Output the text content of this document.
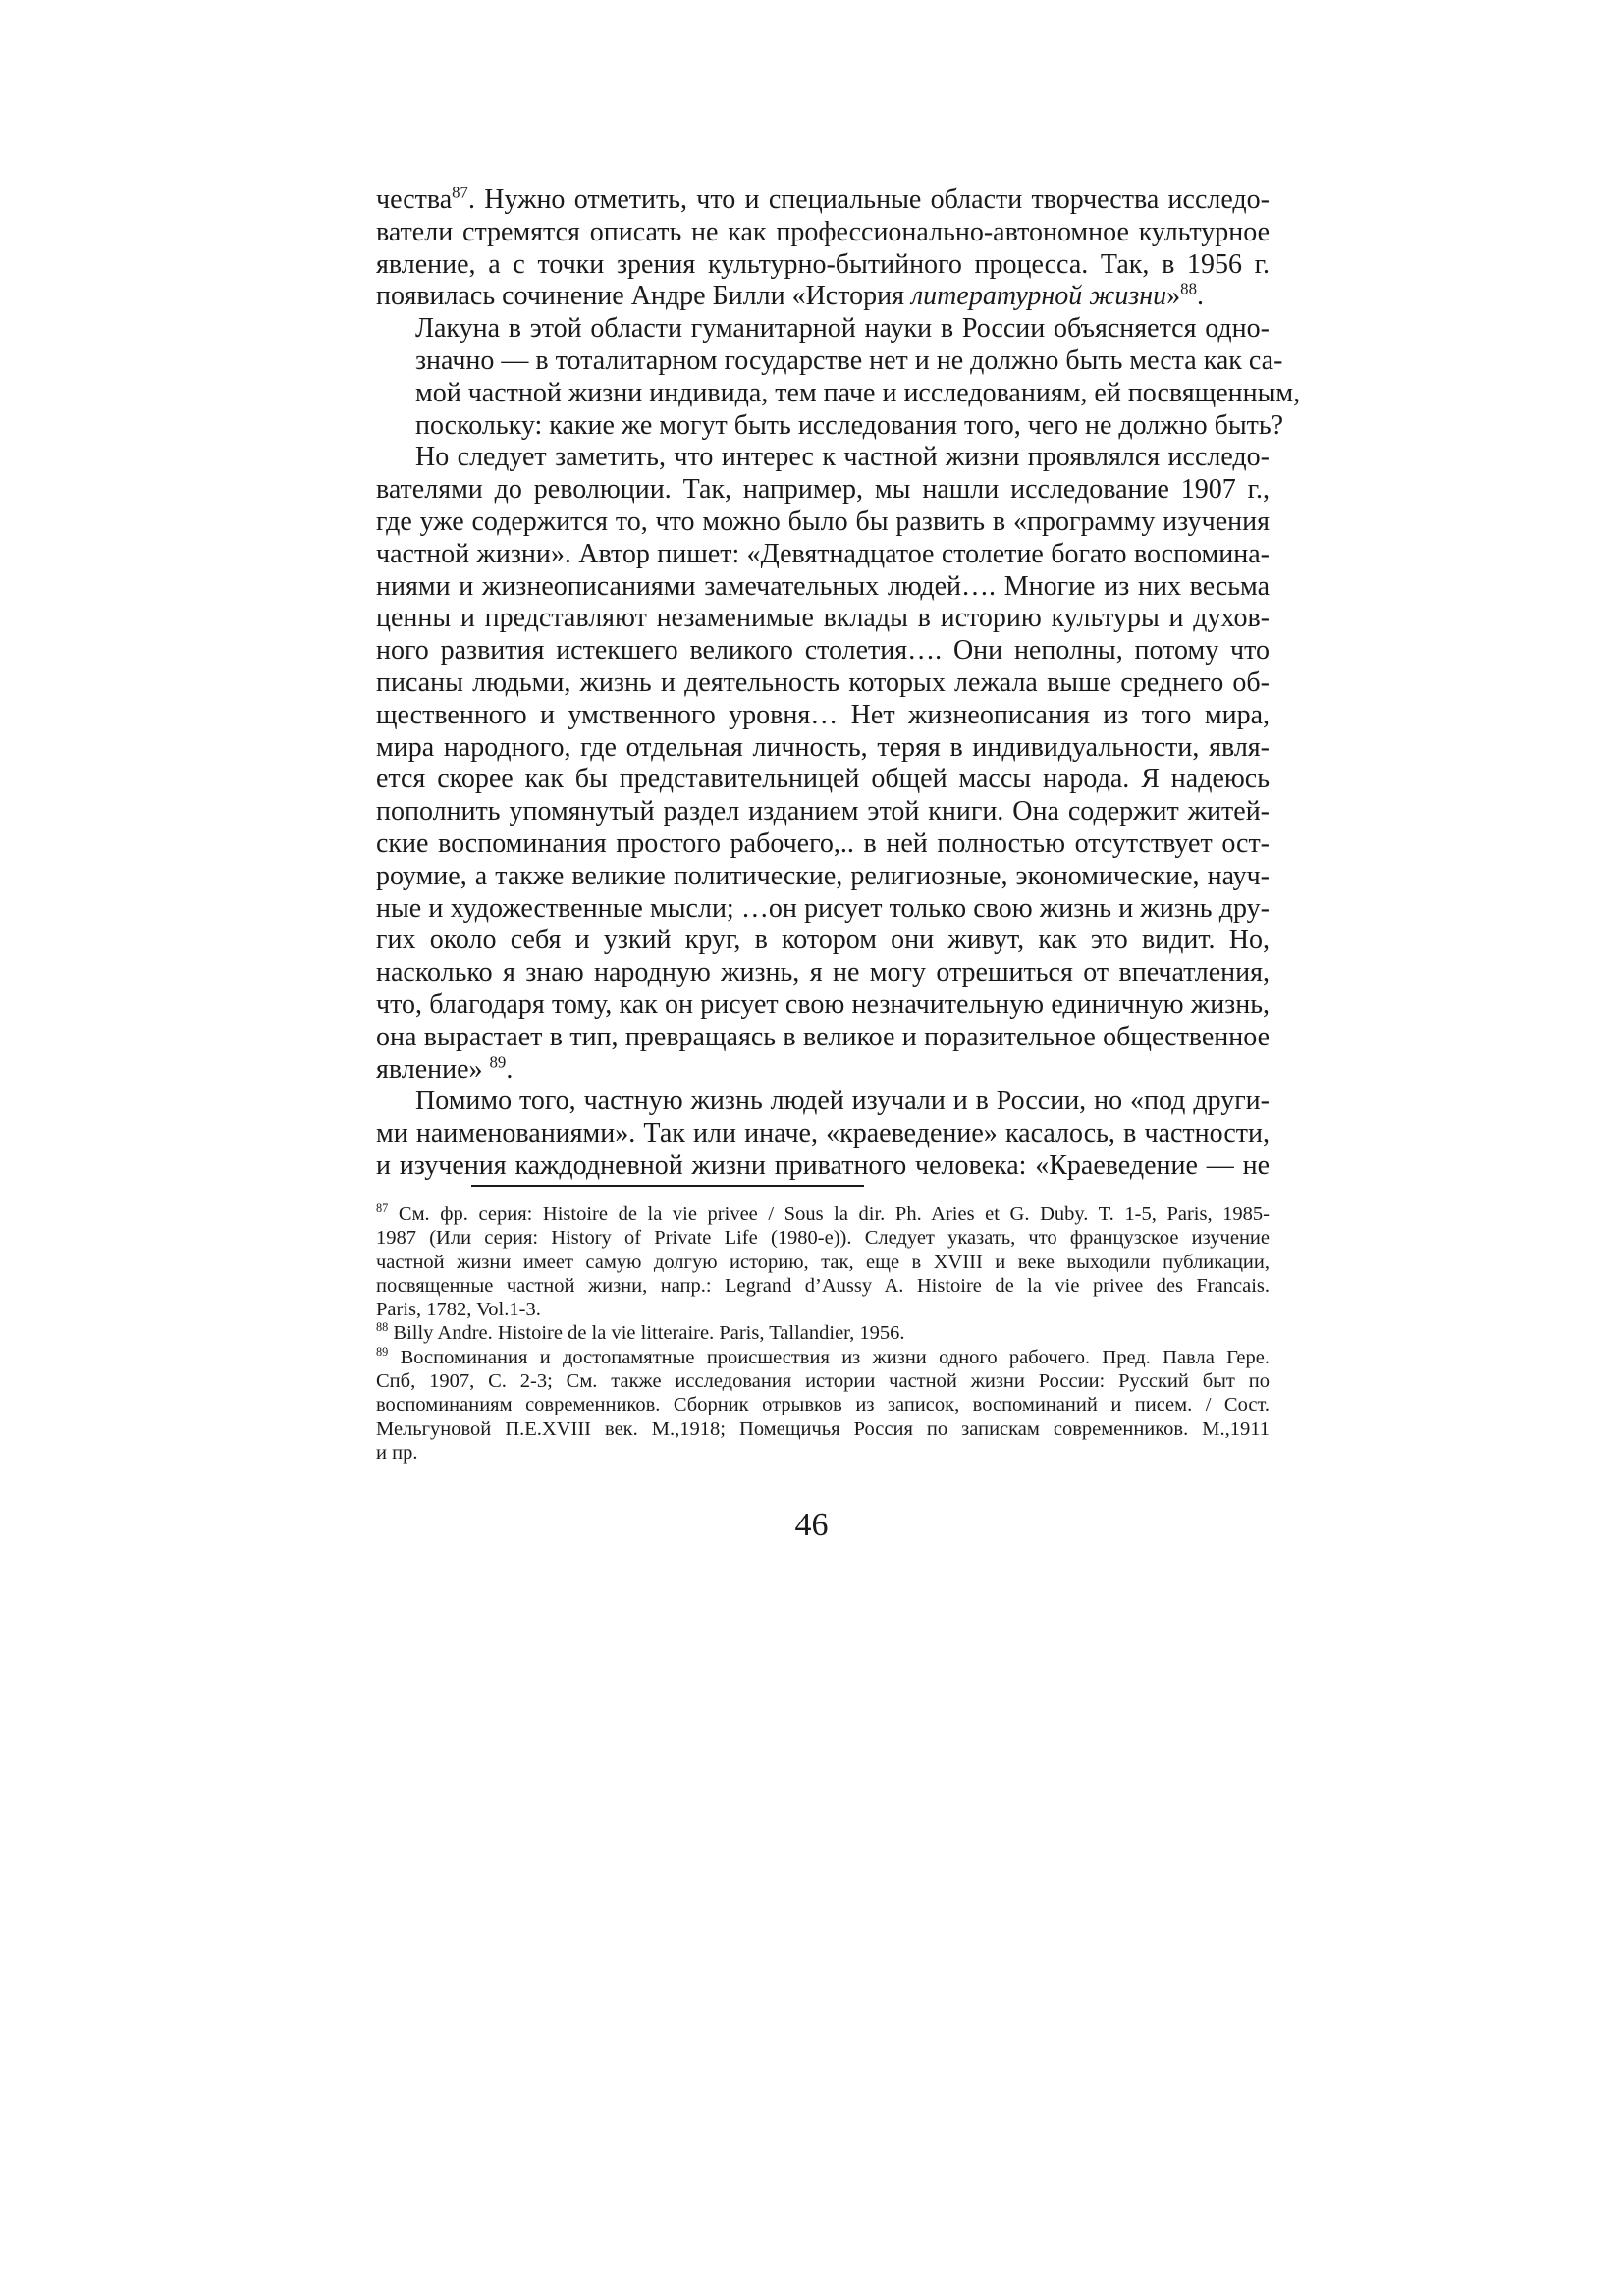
чества$^{87}$. Нужно отметить, что и специальные области творчества исследо-
ватели стремятся описать не как профессионально-автономное культурное
явление, а с точки зрения культурно-бытийного процесса. Так, в 1956 г.
появилась сочинение Андре Билли «История литературной жизни»$^{88}$.

Лакуна в этой области гуманитарной науки в России объясняется одно-
значно — в тоталитарном государстве нет и не должно быть места как са-
мой частной жизни индивида, тем паче и исследованиям, ей посвященным,
поскольку: какие же могут быть исследования того, чего не должно быть?

Но следует заметить, что интерес к частной жизни проявлялся исследо-
вателями до революции. Так, например, мы нашли исследование 1907 г.,
где уже содержится то, что можно было бы развить в «программу изучения
частной жизни». Автор пишет: «Девятнадцатое столетие богато воспомина-
ниями и жизнеописаниями замечательных людей…. Многие из них весьма
ценны и представляют незаменимые вклады в историю культуры и духов-
ного развития истекшего великого столетия…. Они неполны, потому что
писаны людьми, жизнь и деятельность которых лежала выше среднего об-
щественного и умственного уровня… Нет жизнеописания из того мира,
мира народного, где отдельная личность, теряя в индивидуальности, явля-
ется скорее как бы представительницей общей массы народа. Я надеюсь
пополнить упомянутый раздел изданием этой книги. Она содержит житей-
ские воспоминания простого рабочего,.. в ней полностью отсутствует ост-
роумие, а также великие политические, религиозные, экономические, науч-
ные и художественные мысли; …он рисует только свою жизнь и жизнь дру-
гих около себя и узкий круг, в котором они живут, как это видит. Но,
насколько я знаю народную жизнь, я не могу отрешиться от впечатления,
что, благодаря тому, как он рисует свою незначительную единичную жизнь,
она вырастает в тип, превращаясь в великое и поразительное общественное
явление» $^{89}$.

Помимо того, частную жизнь людей изучали и в России, но «под други-
ми наименованиями». Так или иначе, «краеведение» касалось, в частности,
и изучения каждодневной жизни приватного человека: «Краеведение — не

$^{87}$ См. фр. серия: Histoire de la vie privee / Sous la dir. Ph. Aries et G. Duby. T. 1-5, Paris, 1985-
1987 (Или серия: History of Private Life (1980-е)). Следует указать, что французское изучение
частной жизни имеет самую долгую историю, так, еще в XVIII и веке выходили публикации,
посвященные частной жизни, напр.: Legrand d’Aussy A. Histoire de la vie privee des Francais.
Paris, 1782, Vol.1-3.
$^{88}$ Billy Andre. Histoire de la vie litteraire. Paris, Tallandier, 1956.
$^{89}$ Воспоминания и достопамятные происшествия из жизни одного рабочего. Пред. Павла Гере.
Спб, 1907, С. 2-3; См. также исследования истории частной жизни России: Русский быт по
воспоминаниям современников. Сборник отрывков из записок, воспоминаний и писем. / Сост.
Мельгуновой П.Е.XVIII век. М.,1918; Помещичья Россия по запискам современников. М.,1911
и пр.
46
